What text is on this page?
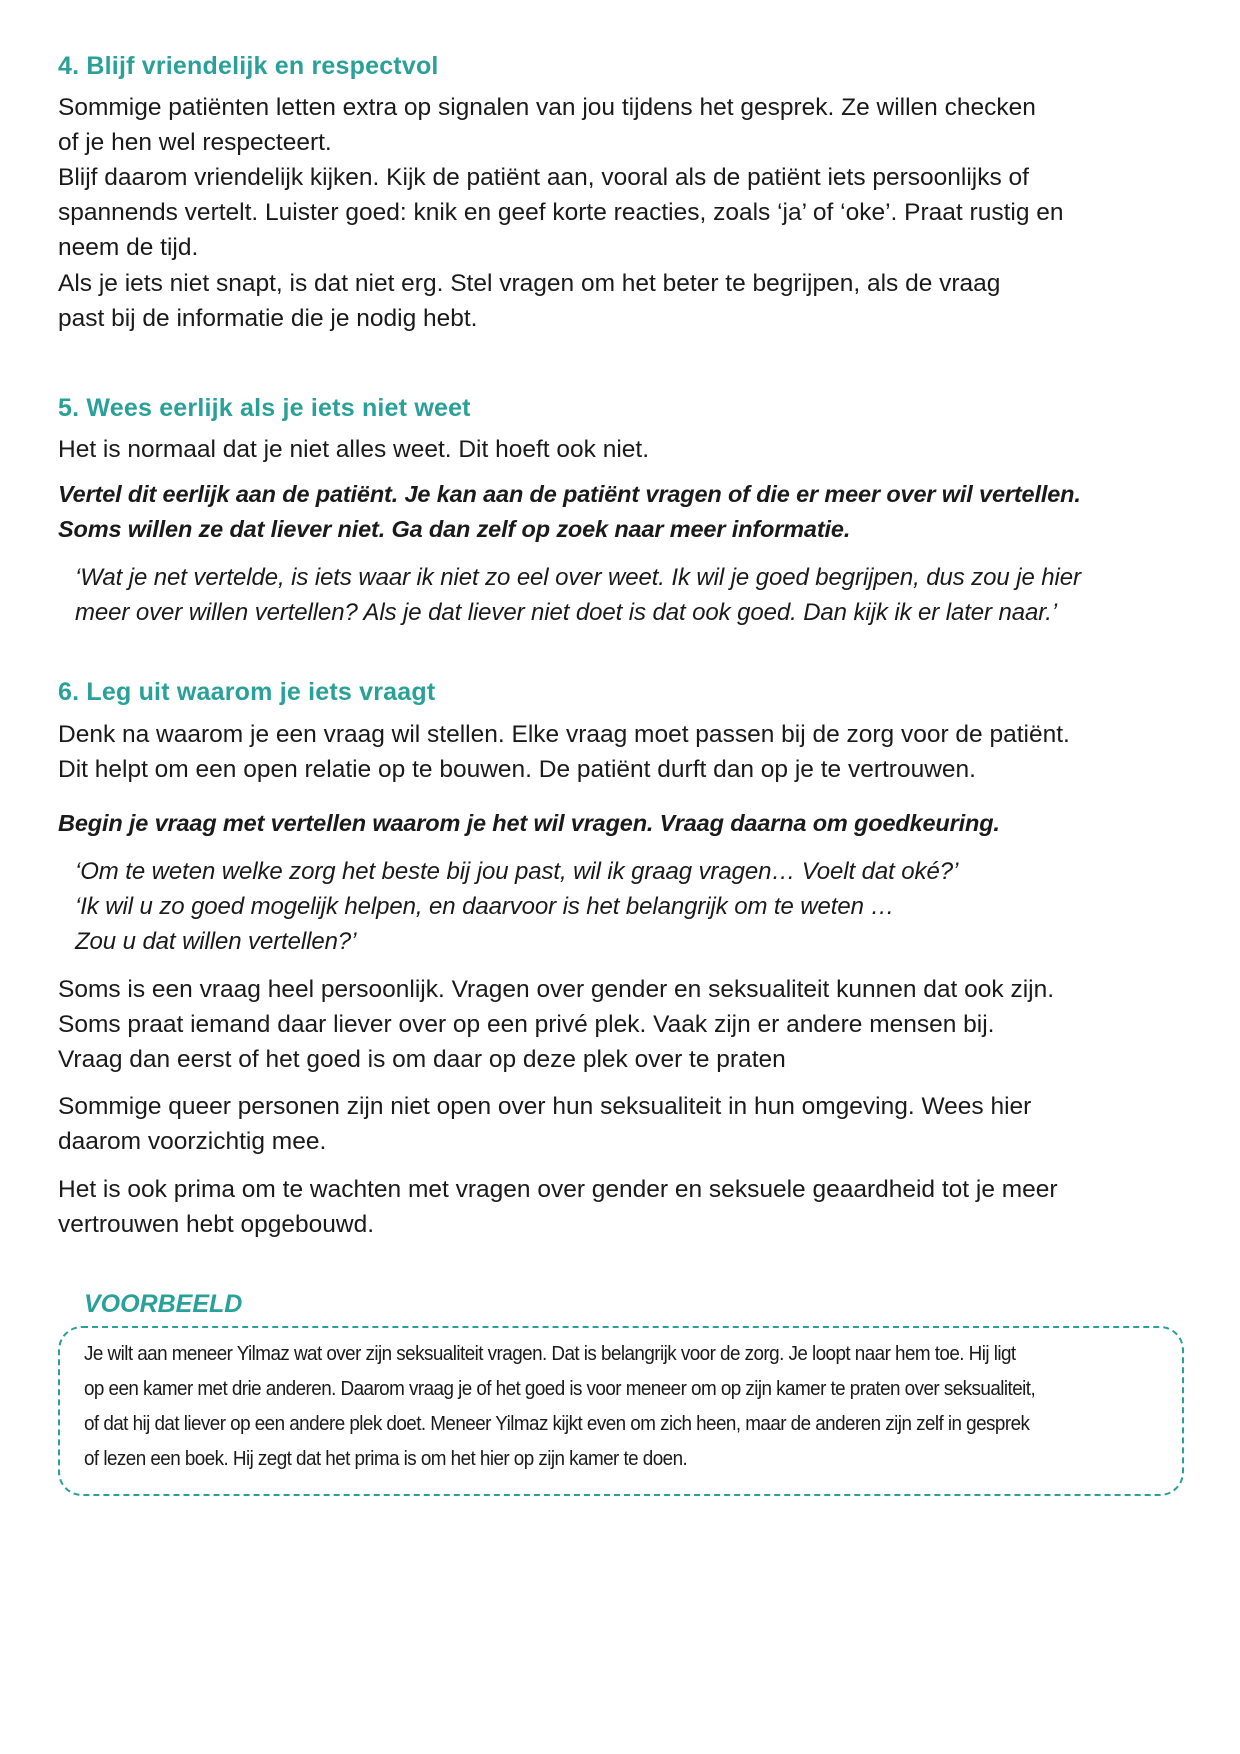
4. Blijf vriendelijk en respectvol
Sommige patiënten letten extra op signalen van jou tijdens het gesprek. Ze willen checken
of je hen wel respecteert.
Blijf daarom vriendelijk kijken. Kijk de patiënt aan, vooral als de patiënt iets persoonlijks of
spannends vertelt. Luister goed: knik en geef korte reacties, zoals ‘ja’ of ‘oke’. Praat rustig en
neem de tijd.
Als je iets niet snapt, is dat niet erg. Stel vragen om het beter te begrijpen, als de vraag
past bij de informatie die je nodig hebt.
5. Wees eerlijk als je iets niet weet
Het is normaal dat je niet alles weet. Dit hoeft ook niet.
Vertel dit eerlijk aan de patiënt. Je kan aan de patiënt vragen of die er meer over wil vertellen.
Soms willen ze dat liever niet. Ga dan zelf op zoek naar meer informatie.
‘Wat je net vertelde, is iets waar ik niet zo eel over weet. Ik wil je goed begrijpen, dus zou je hier
meer over willen vertellen? Als je dat liever niet doet is dat ook goed. Dan kijk ik er later naar.’
6. Leg uit waarom je iets vraagt
Denk na waarom je een vraag wil stellen. Elke vraag moet passen bij de zorg voor de patiënt.
Dit helpt om een open relatie op te bouwen. De patiënt durft dan op je te vertrouwen.
Begin je vraag met vertellen waarom je het wil vragen. Vraag daarna om goedkeuring.
‘Om te weten welke zorg het beste bij jou past, wil ik graag vragen… Voelt dat oké?’
‘Ik wil u zo goed mogelijk helpen, en daarvoor is het belangrijk om te weten …
Zou u dat willen vertellen?’
Soms is een vraag heel persoonlijk. Vragen over gender en seksualiteit kunnen dat ook zijn.
Soms praat iemand daar liever over op een privé plek. Vaak zijn er andere mensen bij.
Vraag dan eerst of het goed is om daar op deze plek over te praten
Sommige queer personen zijn niet open over hun seksualiteit in hun omgeving. Wees hier
daarom voorzichtig mee.
Het is ook prima om te wachten met vragen over gender en seksuele geaardheid tot je meer
vertrouwen hebt opgebouwd.
VOORBEELD
Je wilt aan meneer Yilmaz wat over zijn seksualiteit vragen. Dat is belangrijk voor de zorg. Je loopt naar hem toe. Hij ligt
op een kamer met drie anderen. Daarom vraag je of het goed is voor meneer om op zijn kamer te praten over seksualiteit,
of dat hij dat liever op een andere plek doet. Meneer Yilmaz kijkt even om zich heen, maar de anderen zijn zelf in gesprek
of lezen een boek. Hij zegt dat het prima is om het hier op zijn kamer te doen.
